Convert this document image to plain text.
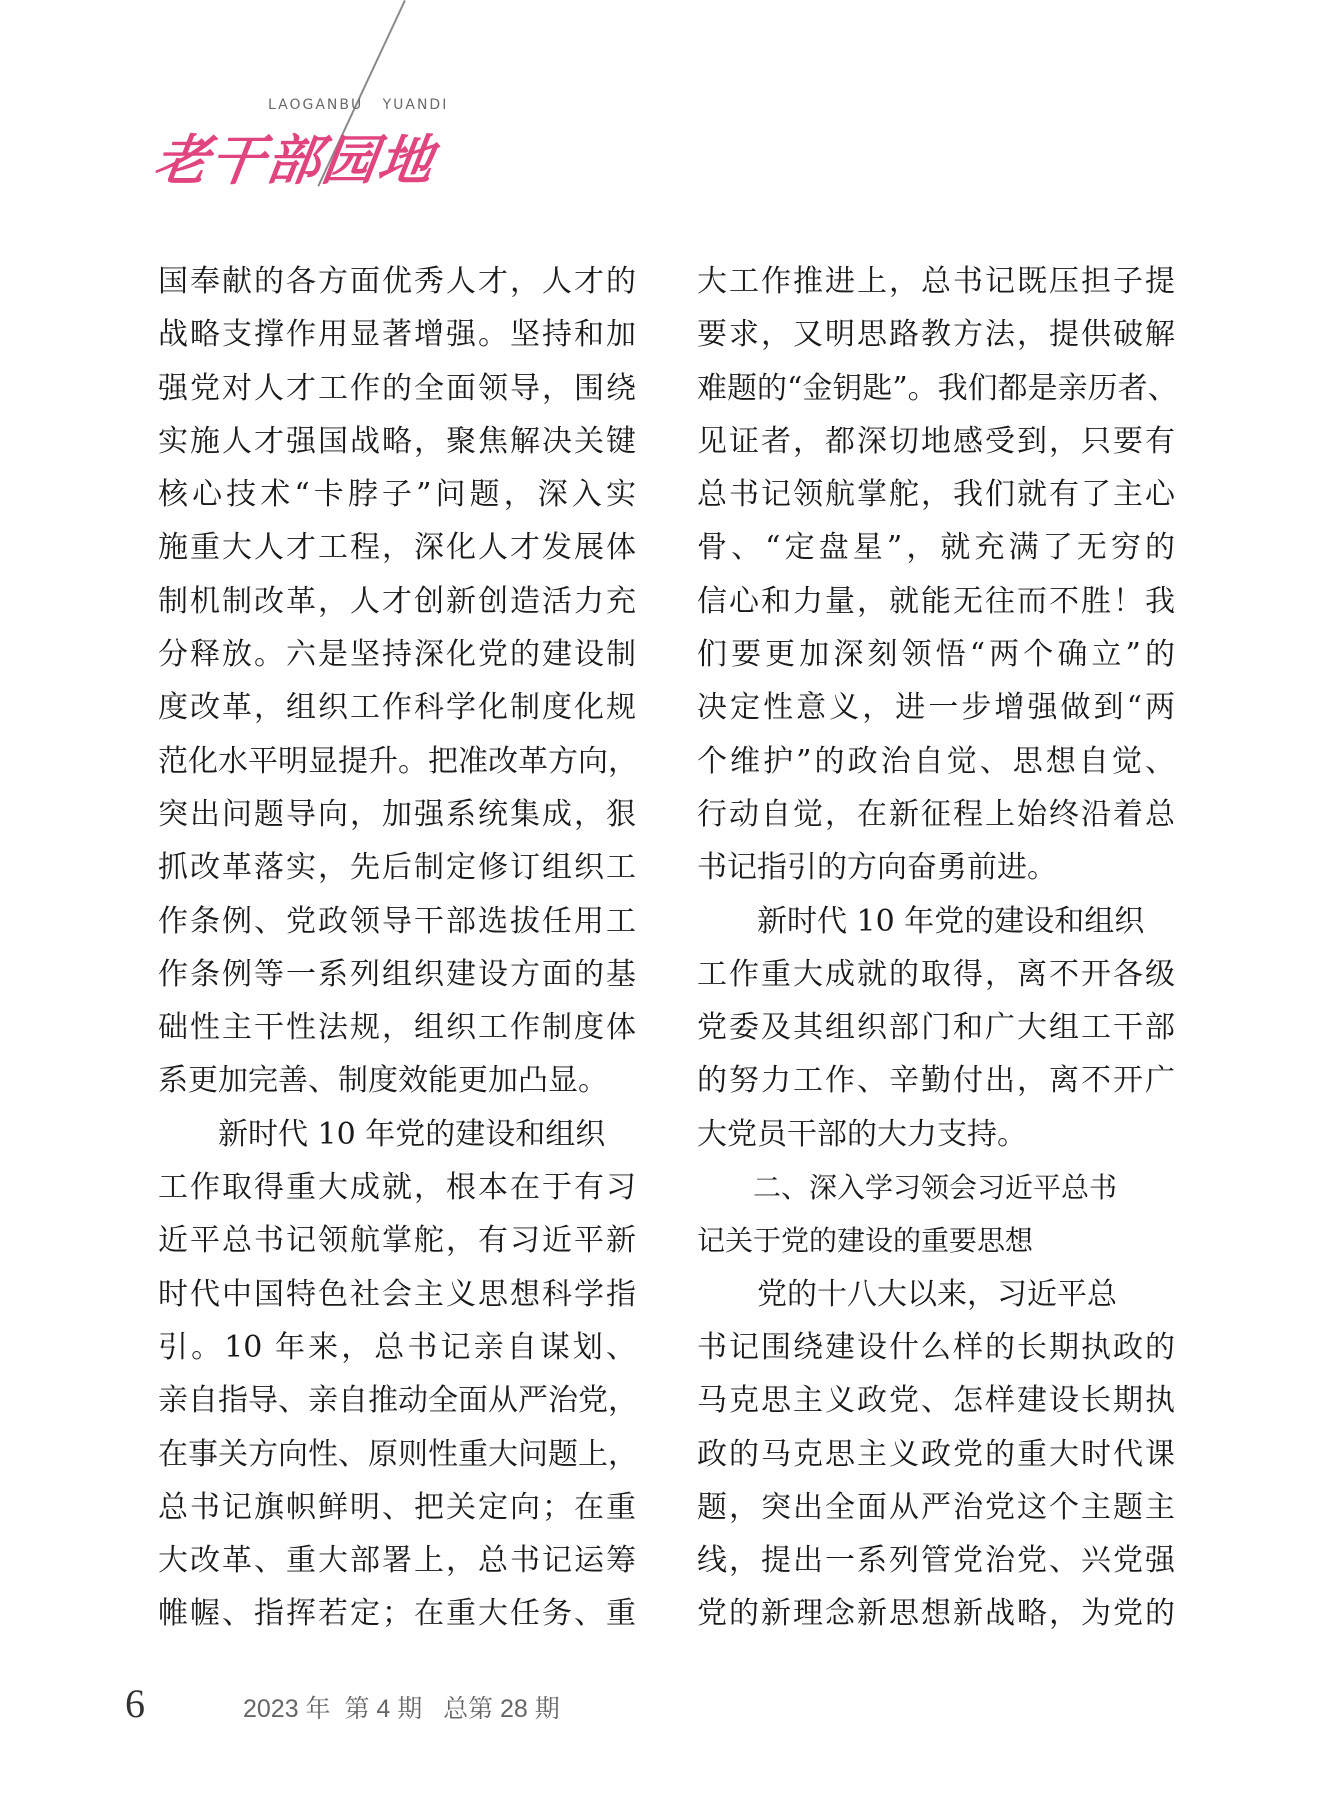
LAOGANBU   YUANDI
老干部园地
国奉献的各方面优秀人才，人才的
战略支撑作用显著增强。坚持和加
强党对人才工作的全面领导，围绕
实施人才强国战略，聚焦解决关键
核心技术“卡脖子”问题，深入实
施重大人才工程，深化人才发展体
制机制改革，人才创新创造活力充
分释放。六是坚持深化党的建设制
度改革，组织工作科学化制度化规
范化水平明显提升。把准改革方向，
突出问题导向，加强系统集成，狠
抓改革落实，先后制定修订组织工
作条例、党政领导干部选拔任用工
作条例等一系列组织建设方面的基
础性主干性法规，组织工作制度体
系更加完善、制度效能更加凸显。
　　新时代 10 年党的建设和组织
工作取得重大成就，根本在于有习
近平总书记领航掌舵，有习近平新
时代中国特色社会主义思想科学指
引。10 年来，总书记亲自谋划、
亲自指导、亲自推动全面从严治党，
在事关方向性、原则性重大问题上，
总书记旗帜鲜明、把关定向；在重
大改革、重大部署上，总书记运筹
帷幄、指挥若定；在重大任务、重
大工作推进上，总书记既压担子提
要求，又明思路教方法，提供破解
难题的“金钥匙”。我们都是亲历者、
见证者，都深切地感受到，只要有
总书记领航掌舵，我们就有了主心
骨、“定盘星”，就充满了无穷的
信心和力量，就能无往而不胜！我
们要更加深刻领悟“两个确立”的
决定性意义，进一步增强做到“两
个维护”的政治自觉、思想自觉、
行动自觉，在新征程上始终沿着总
书记指引的方向奋勇前进。
　　新时代 10 年党的建设和组织
工作重大成就的取得，离不开各级
党委及其组织部门和广大组工干部
的努力工作、辛勤付出，离不开广
大党员干部的大力支持。
　　二、深入学习领会习近平总书
记关于党的建设的重要思想
　　党的十八大以来，习近平总
书记围绕建设什么样的长期执政的
马克思主义政党、怎样建设长期执
政的马克思主义政党的重大时代课
题，突出全面从严治党这个主题主
线，提出一系列管党治党、兴党强
党的新理念新思想新战略，为党的
6	2023 年  第 4 期   总第 28 期
